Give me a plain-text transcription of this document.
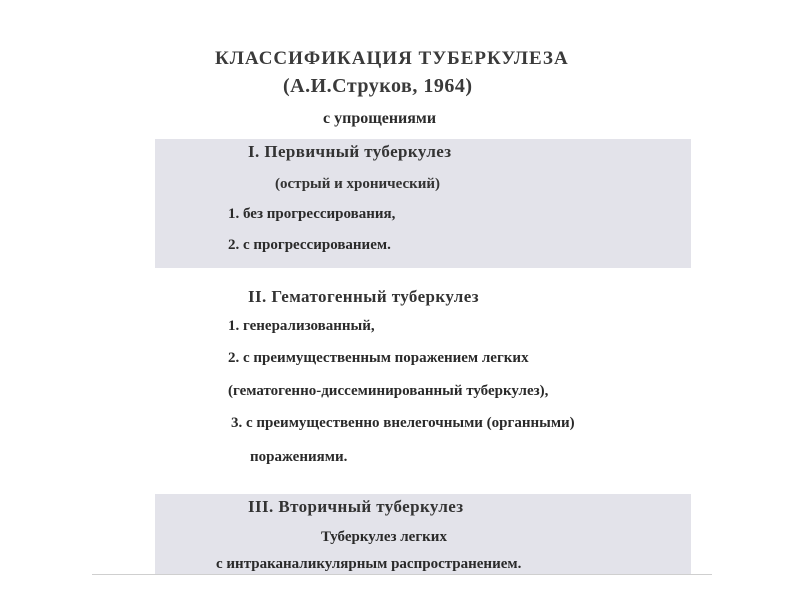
КЛАССИФИКАЦИЯ ТУБЕРКУЛЕЗА
(А.И.Струков, 1964)
с упрощениями
I. Первичный туберкулез
(острый и хронический)
1. без прогрессирования,
2. с прогрессированием.
II. Гематогенный туберкулез
1. генерализованный,
2. с преимущественным поражением легких
(гематогенно-диссеминированный туберкулез),
3. с преимущественно внелегочными (органными)
поражениями.
III. Вторичный туберкулез
Туберкулез легких
с интраканаликулярным распространением.
